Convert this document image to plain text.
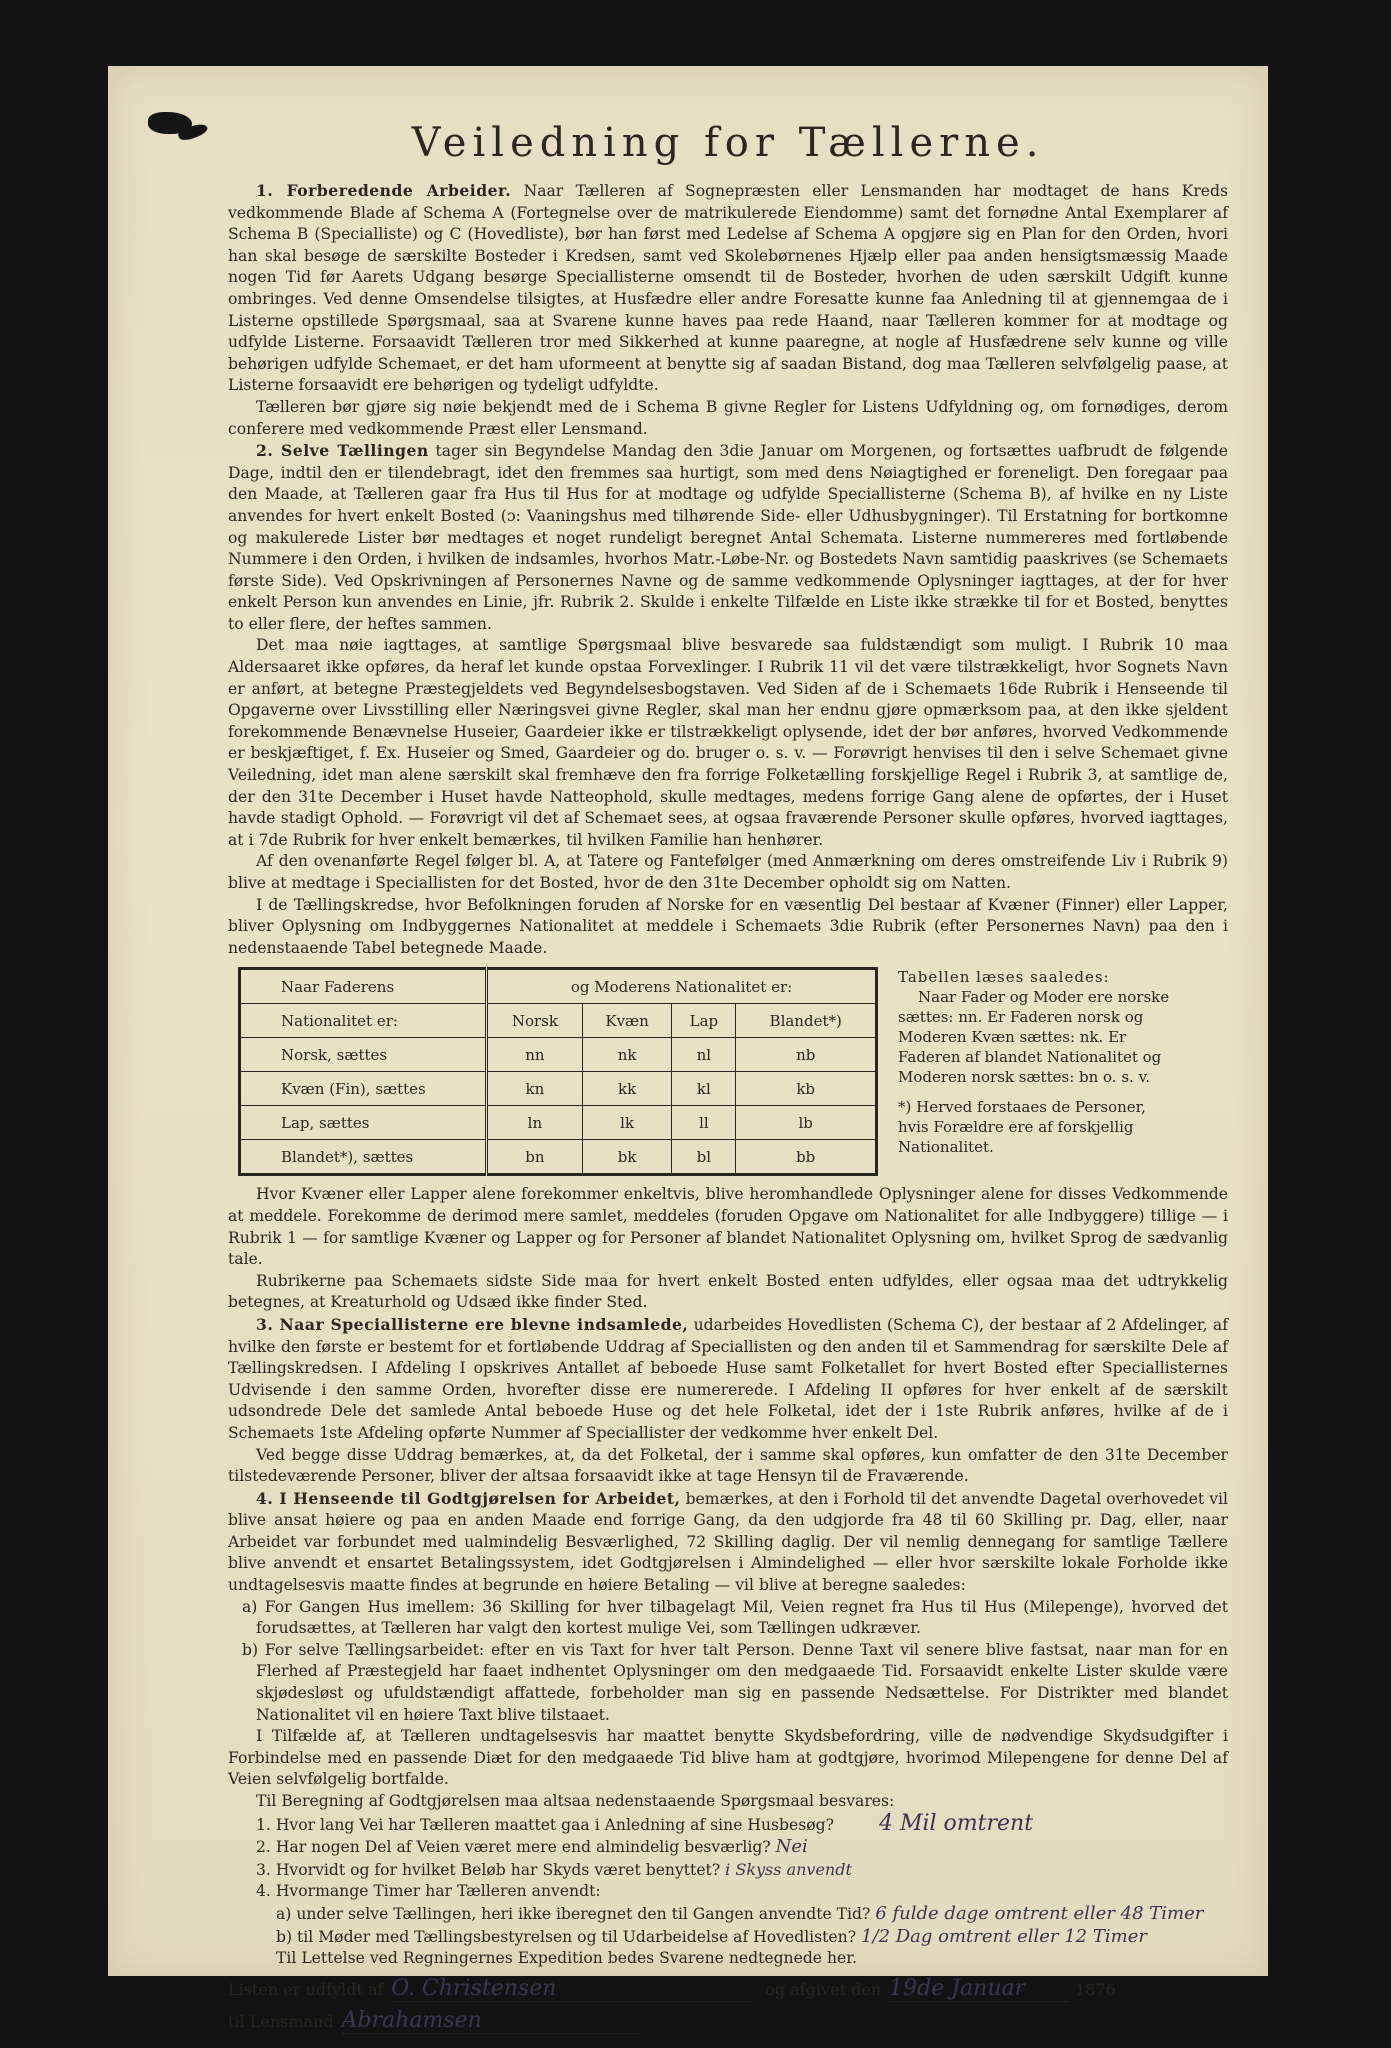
Veiledning for Tællerne.

1. Forberedende Arbeider. Naar Tælleren af Sognepræsten eller Lensmanden har modtaget de hans Kreds vedkommende Blade af Schema A (Fortegnelse over de matrikulerede Eiendomme) samt det fornødne Antal Exemplarer af Schema B (Specialliste) og C (Hovedliste), bør han først med Ledelse af Schema A opgjøre sig en Plan for den Orden, hvori han skal besøge de særskilte Bosteder i Kredsen, samt ved Skolebørnenes Hjælp eller paa anden hensigtsmæssig Maade nogen Tid før Aarets Udgang besørge Speciallisterne omsendt til de Bosteder, hvorhen de uden særskilt Udgift kunne ombringes. Ved denne Omsendelse tilsigtes, at Husfædre eller andre Foresatte kunne faa Anledning til at gjennemgaa de i Listerne opstillede Spørgsmaal, saa at Svarene kunne haves paa rede Haand, naar Tælleren kommer for at modtage og udfylde Listerne. Forsaavidt Tælleren tror med Sikkerhed at kunne paaregne, at nogle af Husfædrene selv kunne og ville behørigen udfylde Schemaet, er det ham uformeent at benytte sig af saadan Bistand, dog maa Tælleren selvfølgelig paase, at Listerne forsaavidt ere behørigen og tydeligt udfyldte.

Tælleren bør gjøre sig nøie bekjendt med de i Schema B givne Regler for Listens Udfyldning og, om fornødiges, derom conferere med vedkommende Præst eller Lensmand.

2. Selve Tællingen tager sin Begyndelse Mandag den 3die Januar om Morgenen, og fortsættes uafbrudt de følgende Dage, indtil den er tilendebragt, idet den fremmes saa hurtigt, som med dens Nøiagtighed er foreneligt. Den foregaar paa den Maade, at Tælleren gaar fra Hus til Hus for at modtage og udfylde Speciallisterne (Schema B), af hvilke en ny Liste anvendes for hvert enkelt Bosted (ɔ: Vaaningshus med tilhørende Side- eller Udhusbygninger). Til Erstatning for bortkomne og makulerede Lister bør medtages et noget rundeligt beregnet Antal Schemata. Listerne nummereres med fortløbende Nummere i den Orden, i hvilken de indsamles, hvorhos Matr.-Løbe-Nr. og Bostedets Navn samtidig paaskrives (se Schemaets første Side). Ved Opskrivningen af Personernes Navne og de samme vedkommende Oplysninger iagttages, at der for hver enkelt Person kun anvendes en Linie, jfr. Rubrik 2. Skulde i enkelte Tilfælde en Liste ikke strække til for et Bosted, benyttes to eller flere, der heftes sammen.

Det maa nøie iagttages, at samtlige Spørgsmaal blive besvarede saa fuldstændigt som muligt. I Rubrik 10 maa Aldersaaret ikke opføres, da heraf let kunde opstaa Forvexlinger. I Rubrik 11 vil det være tilstrækkeligt, hvor Sognets Navn er anført, at betegne Præstegjeldets ved Begyndelsesbogstaven. Ved Siden af de i Schemaets 16de Rubrik i Henseende til Opgaverne over Livsstilling eller Næringsvei givne Regler, skal man her endnu gjøre opmærksom paa, at den ikke sjeldent forekommende Benævnelse Huseier, Gaardeier ikke er tilstrækkeligt oplysende, idet der bør anføres, hvorved Vedkommende er beskjæftiget, f. Ex. Huseier og Smed, Gaardeier og do. bruger o. s. v. — Forøvrigt henvises til den i selve Schemaet givne Veiledning, idet man alene særskilt skal fremhæve den fra forrige Folketælling forskjellige Regel i Rubrik 3, at samtlige de, der den 31te December i Huset havde Natteophold, skulle medtages, medens forrige Gang alene de opførtes, der i Huset havde stadigt Ophold. — Forøvrigt vil det af Schemaet sees, at ogsaa fraværende Personer skulle opføres, hvorved iagttages, at i 7de Rubrik for hver enkelt bemærkes, til hvilken Familie han henhører.

Af den ovenanførte Regel følger bl. A, at Tatere og Fantefølger (med Anmærkning om deres omstreifende Liv i Rubrik 9) blive at medtage i Speciallisten for det Bosted, hvor de den 31te December opholdt sig om Natten.

I de Tællingskredse, hvor Befolkningen foruden af Norske for en væsentlig Del bestaar af Kvæner (Finner) eller Lapper, bliver Oplysning om Indbyggernes Nationalitet at meddele i Schemaets 3die Rubrik (efter Personernes Navn) paa den i nedenstaaende Tabel betegnede Maade.

Naar Faderens	og Moderens Nationalitet er:			
Nationalitet er:	Norsk	Kvæn	Lap	Blandet*)
Norsk, sættes	nn	nk	nl	nb
Kvæn (Fin), sættes	kn	kk	kl	kb
Lap, sættes	ln	lk	ll	lb
Blandet*), sættes	bn	bk	bl	bb

Tabellen læses saaledes:

Naar Fader og Moder ere norske sættes: nn. Er Faderen norsk og Moderen Kvæn sættes: nk. Er Faderen af blandet Nationalitet og Moderen norsk sættes: bn o. s. v.

*) Herved forstaaes de Personer, hvis Forældre ere af forskjellig Nationalitet.

Hvor Kvæner eller Lapper alene forekommer enkeltvis, blive heromhandlede Oplysninger alene for disses Vedkommende at meddele. Forekomme de derimod mere samlet, meddeles (foruden Opgave om Nationalitet for alle Indbyggere) tillige — i Rubrik 1 — for samtlige Kvæner og Lapper og for Personer af blandet Nationalitet Oplysning om, hvilket Sprog de sædvanlig tale.

Rubrikerne paa Schemaets sidste Side maa for hvert enkelt Bosted enten udfyldes, eller ogsaa maa det udtrykkelig betegnes, at Kreaturhold og Udsæd ikke finder Sted.

3. Naar Speciallisterne ere blevne indsamlede, udarbeides Hovedlisten (Schema C), der bestaar af 2 Afdelinger, af hvilke den første er bestemt for et fortløbende Uddrag af Speciallisten og den anden til et Sammendrag for særskilte Dele af Tællingskredsen. I Afdeling I opskrives Antallet af beboede Huse samt Folketallet for hvert Bosted efter Speciallisternes Udvisende i den samme Orden, hvorefter disse ere numererede. I Afdeling II opføres for hver enkelt af de særskilt udsondrede Dele det samlede Antal beboede Huse og det hele Folketal, idet der i 1ste Rubrik anføres, hvilke af de i Schemaets 1ste Afdeling opførte Nummer af Speciallister der vedkomme hver enkelt Del.

Ved begge disse Uddrag bemærkes, at, da det Folketal, der i samme skal opføres, kun omfatter de den 31te December tilstedeværende Personer, bliver der altsaa forsaavidt ikke at tage Hensyn til de Fraværende.

4. I Henseende til Godtgjørelsen for Arbeidet, bemærkes, at den i Forhold til det anvendte Dagetal overhovedet vil blive ansat høiere og paa en anden Maade end forrige Gang, da den udgjorde fra 48 til 60 Skilling pr. Dag, eller, naar Arbeidet var forbundet med ualmindelig Besværlighed, 72 Skilling daglig. Der vil nemlig dennegang for samtlige Tællere blive anvendt et ensartet Betalingssystem, idet Godtgjørelsen i Almindelighed — eller hvor særskilte lokale Forholde ikke undtagelsesvis maatte findes at begrunde en høiere Betaling — vil blive at beregne saaledes:

a) For Gangen Hus imellem: 36 Skilling for hver tilbagelagt Mil, Veien regnet fra Hus til Hus (Milepenge), hvorved det forudsættes, at Tælleren har valgt den kortest mulige Vei, som Tællingen udkræver.

b) For selve Tællingsarbeidet: efter en vis Taxt for hver talt Person. Denne Taxt vil senere blive fastsat, naar man for en Flerhed af Præstegjeld har faaet indhentet Oplysninger om den medgaaede Tid. Forsaavidt enkelte Lister skulde være skjødesløst og ufuldstændigt affattede, forbeholder man sig en passende Nedsættelse. For Distrikter med blandet Nationalitet vil en høiere Taxt blive tilstaaet.

I Tilfælde af, at Tælleren undtagelsesvis har maattet benytte Skydsbefordring, ville de nødvendige Skydsudgifter i Forbindelse med en passende Diæt for den medgaaede Tid blive ham at godtgjøre, hvorimod Milepengene for denne Del af Veien selvfølgelig bortfalde.

Til Beregning af Godtgjørelsen maa altsaa nedenstaaende Spørgsmaal besvares:

1. Hvor lang Vei har Tælleren maattet gaa i Anledning af sine Husbesøg? 4 Mil omtrent
2. Har nogen Del af Veien været mere end almindelig besværlig? Nei
3. Hvorvidt og for hvilket Beløb har Skyds været benyttet? i Skyss anvendt
4. Hvormange Timer har Tælleren anvendt:
a) under selve Tællingen, heri ikke iberegnet den til Gangen anvendte Tid? 6 fulde dage omtrent eller 48 Timer
b) til Møder med Tællingsbestyrelsen og til Udarbeidelse af Hovedlisten? 1/2 Dag omtrent eller 12 Timer
Til Lettelse ved Regningernes Expedition bedes Svarene nedtegnede her.
Listen er udfyldt af O. Christensen	og afgivet den 19de Januar	1876
til Lensmand Abrahamsen
